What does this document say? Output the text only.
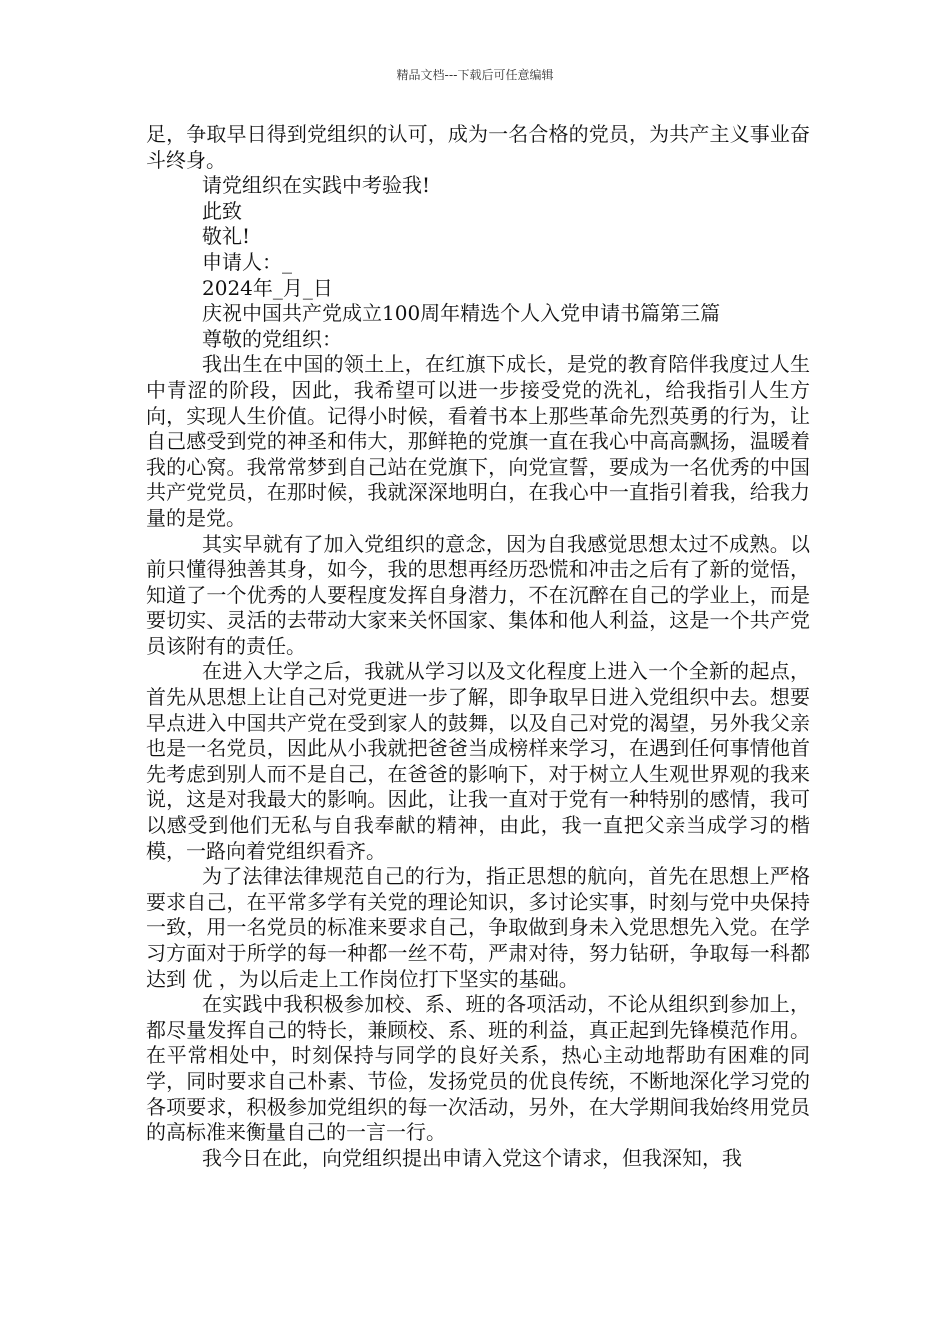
精品文档---下载后可任意编辑

足，争取早日得到党组织的认可，成为一名合格的党员，为共产主义事业奋斗终身。

请党组织在实践中考验我!

此致

敬礼!

申请人：_

2024年_月_日

庆祝中国共产党成立100周年精选个人入党申请书篇第三篇

尊敬的党组织：

我出生在中国的领土上，在红旗下成长，是党的教育陪伴我度过人生中青涩的阶段，因此，我希望可以进一步接受党的洗礼，给我指引人生方向，实现人生价值。记得小时候，看着书本上那些革命先烈英勇的行为，让自己感受到党的神圣和伟大，那鲜艳的党旗一直在我心中高高飘扬，温暖着我的心窝。我常常梦到自己站在党旗下，向党宣誓，要成为一名优秀的中国共产党党员，在那时候，我就深深地明白，在我心中一直指引着我，给我力量的是党。

其实早就有了加入党组织的意念，因为自我感觉思想太过不成熟。以前只懂得独善其身，如今，我的思想再经历恐慌和冲击之后有了新的觉悟，知道了一个优秀的人要程度发挥自身潜力，不在沉醉在自己的学业上，而是要切实、灵活的去带动大家来关怀国家、集体和他人利益，这是一个共产党员该附有的责任。

在进入大学之后，我就从学习以及文化程度上进入一个全新的起点，首先从思想上让自己对党更进一步了解，即争取早日进入党组织中去。想要早点进入中国共产党在受到家人的鼓舞，以及自己对党的渴望，另外我父亲也是一名党员，因此从小我就把爸爸当成榜样来学习，在遇到任何事情他首先考虑到别人而不是自己，在爸爸的影响下，对于树立人生观世界观的我来说，这是对我最大的影响。因此，让我一直对于党有一种特别的感情，我可以感受到他们无私与自我奉献的精神，由此，我一直把父亲当成学习的楷模，一路向着党组织看齐。

为了法律法律规范自己的行为，指正思想的航向，首先在思想上严格要求自己，在平常多学有关党的理论知识，多讨论实事，时刻与党中央保持一致，用一名党员的标准来要求自己，争取做到身未入党思想先入党。在学习方面对于所学的每一种都一丝不苟，严肃对待，努力钻研，争取每一科都达到 优 ，为以后走上工作岗位打下坚实的基础。

在实践中我积极参加校、系、班的各项活动，不论从组织到参加上，都尽量发挥自己的特长，兼顾校、系、班的利益，真正起到先锋模范作用。在平常相处中，时刻保持与同学的良好关系，热心主动地帮助有困难的同学，同时要求自己朴素、节俭，发扬党员的优良传统，不断地深化学习党的各项要求，积极参加党组织的每一次活动，另外，在大学期间我始终用党员的高标准来衡量自己的一言一行。

我今日在此，向党组织提出申请入党这个请求，但我深知，我
